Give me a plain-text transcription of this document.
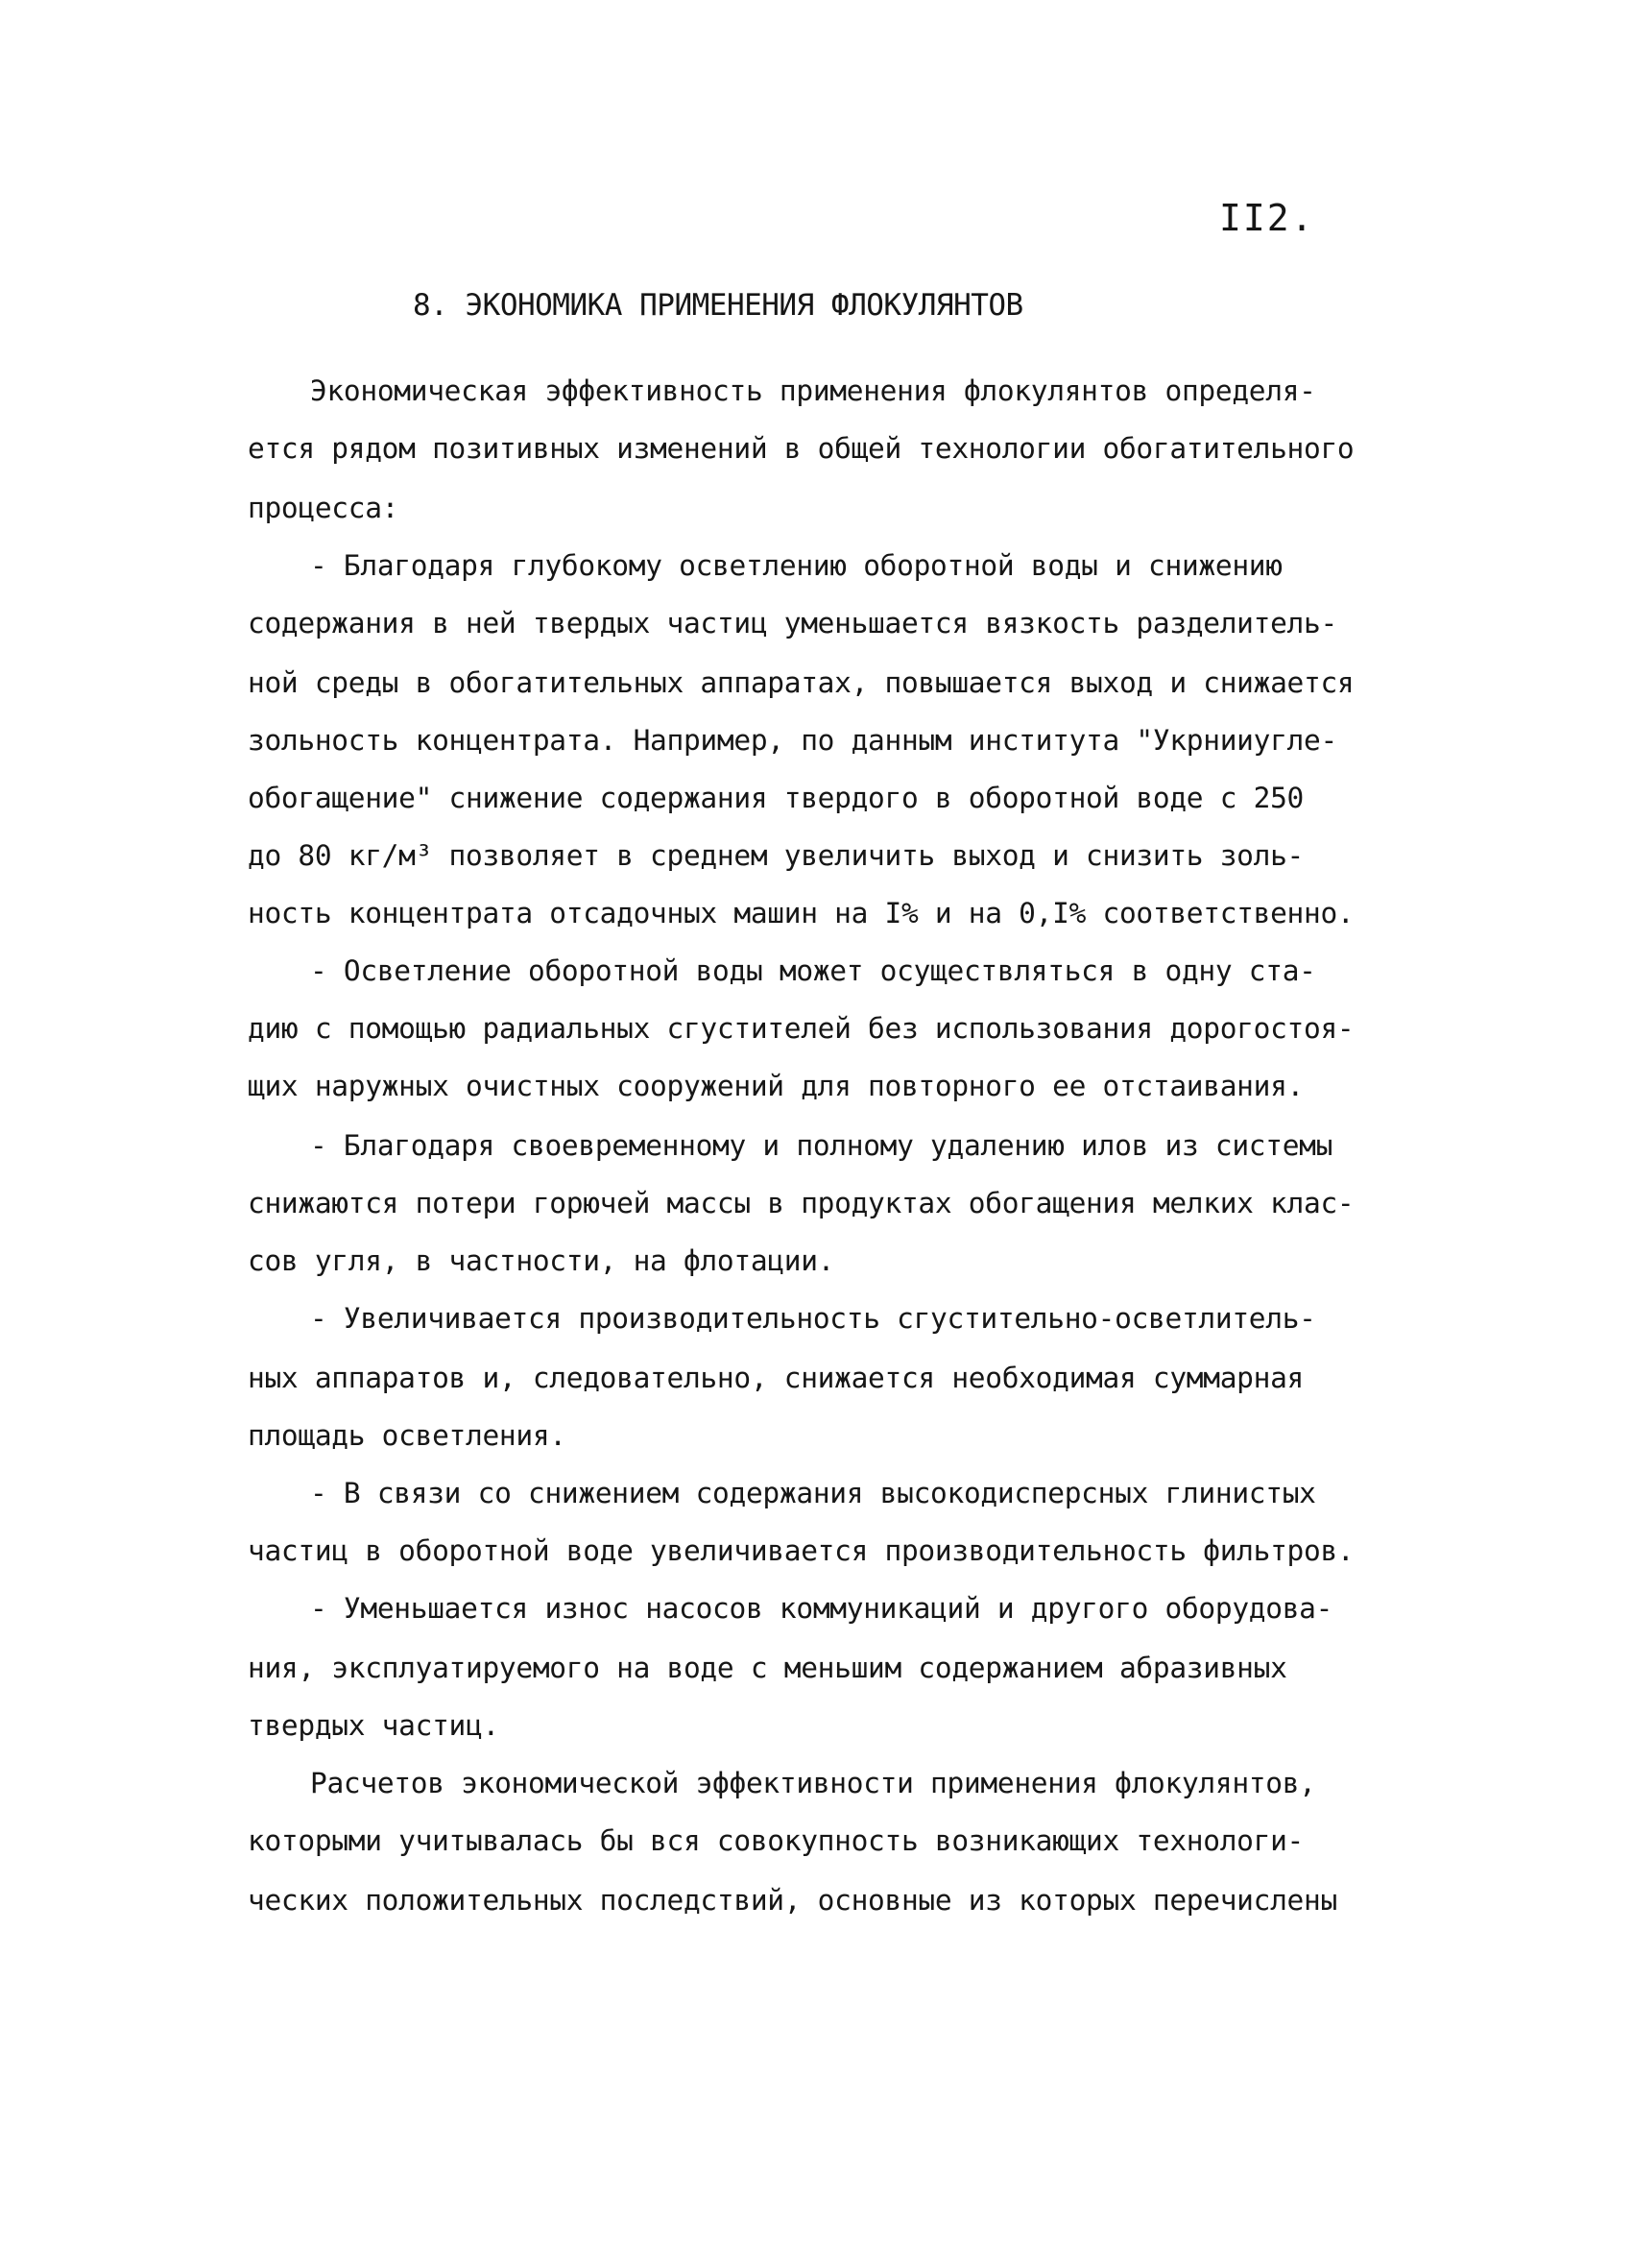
II2.
8. ЭКОНОМИКА ПРИМЕНЕНИЯ ФЛОКУЛЯНТОВ
Экономическая эффективность применения флокулянтов определя-
ется рядом позитивных изменений в общей технологии обогатительного
процесса:
- Благодаря глубокому осветлению оборотной воды и снижению
содержания в ней твердых частиц уменьшается вязкость разделитель-
ной среды в обогатительных аппаратах, повышается выход и снижается
зольность концентрата. Например, по данным института "Укрнииуглe-
обогащение" снижение содержания твердого в оборотной воде с 250
до 80 кг/м³ позволяет в среднем увеличить выход и снизить золь-
ность концентрата отсадочных машин на I% и на 0,I% соответственно.
- Осветление оборотной воды может осуществляться в одну ста-
дию с помощью радиальных сгустителей без использования дорогостоя-
щих наружных очистных сооружений для повторного ее отстаивания.
- Благодаря своевременному и полному удалению илов из системы
снижаются потери горючей массы в продуктах обогащения мелких клас-
сов угля, в частности, на флотации.
- Увеличивается производительность сгустительно-осветлитель-
ных аппаратов и, следовательно, снижается необходимая суммарная
площадь осветления.
- В связи со снижением содержания высокодисперсных глинистых
частиц в оборотной воде увеличивается производительность фильтров.
- Уменьшается износ насосов коммуникаций и другого оборудова-
ния, эксплуатируемого на воде с меньшим содержанием абразивных
твердых частиц.
Расчетов экономической эффективности применения флокулянтов,
которыми учитывалась бы вся совокупность возникающих технологи-
ческих положительных последствий, основные из которых перечислены
